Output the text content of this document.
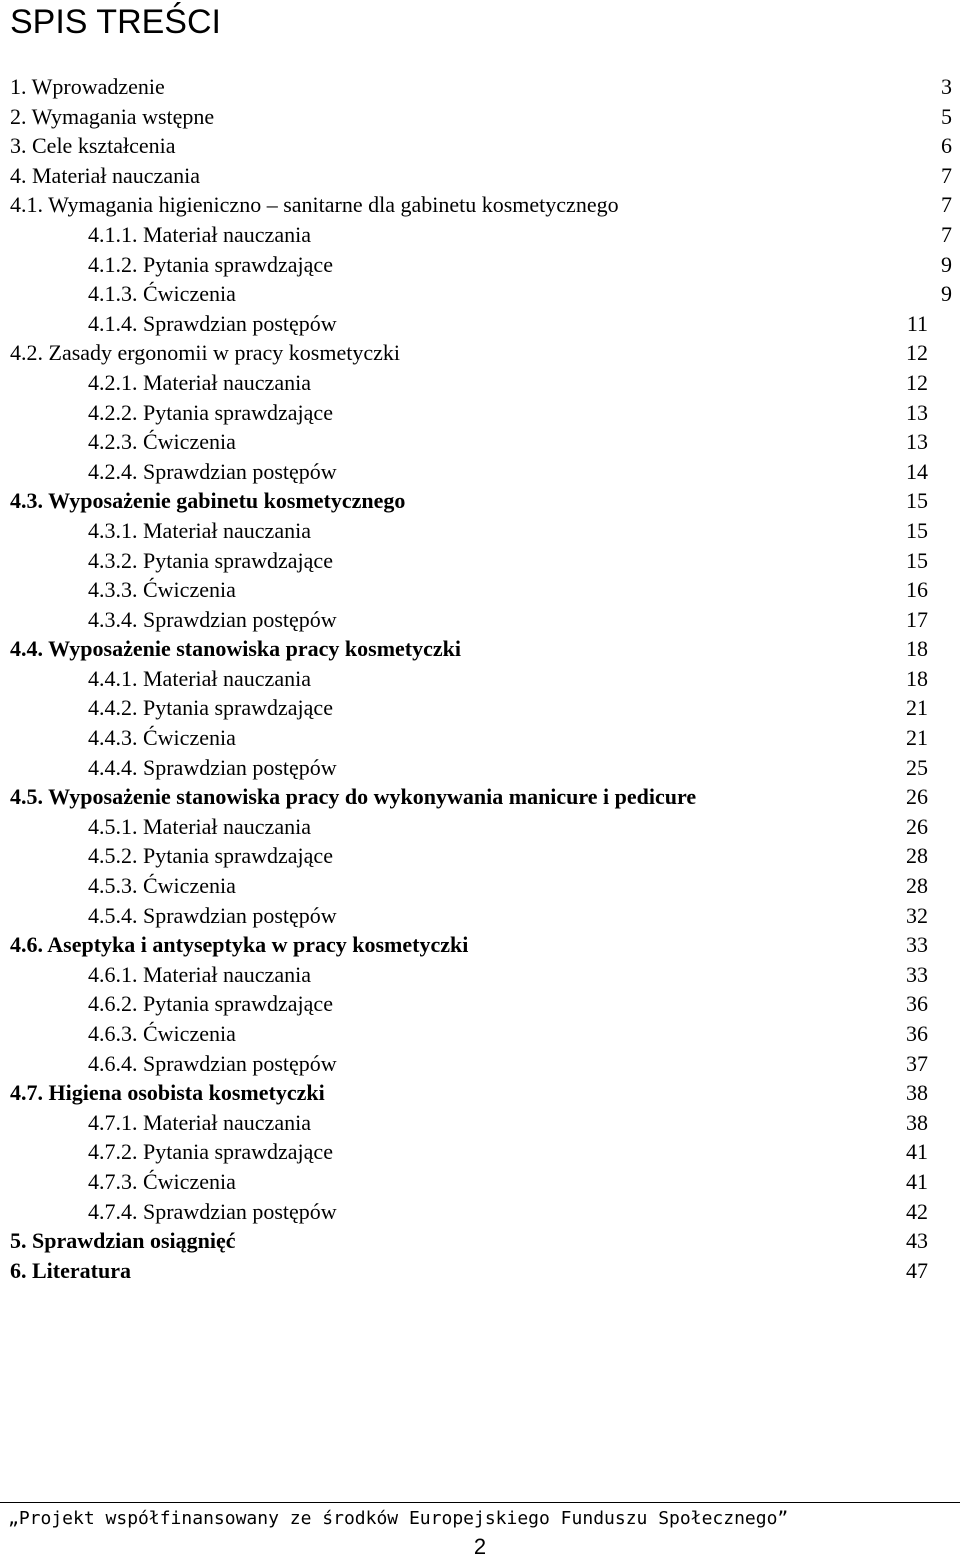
SPIS TREŚCI
1. Wprowadzenie	3
2. Wymagania wstępne	5
3. Cele kształcenia	6
4. Materiał nauczania	7
4.1. Wymagania higieniczno – sanitarne dla gabinetu kosmetycznego	7
4.1.1. Materiał nauczania	7
4.1.2. Pytania sprawdzające	9
4.1.3. Ćwiczenia	9
4.1.4. Sprawdzian postępów	11
4.2. Zasady ergonomii w pracy kosmetyczki	12
4.2.1. Materiał nauczania	12
4.2.2. Pytania sprawdzające	13
4.2.3. Ćwiczenia	13
4.2.4. Sprawdzian postępów	14
4.3. Wyposażenie gabinetu kosmetycznego	15
4.3.1. Materiał nauczania	15
4.3.2. Pytania sprawdzające	15
4.3.3. Ćwiczenia	16
4.3.4. Sprawdzian postępów	17
4.4. Wyposażenie stanowiska pracy kosmetyczki	18
4.4.1. Materiał nauczania	18
4.4.2. Pytania sprawdzające	21
4.4.3. Ćwiczenia	21
4.4.4. Sprawdzian postępów	25
4.5. Wyposażenie stanowiska pracy do wykonywania manicure i pedicure	26
4.5.1. Materiał nauczania	26
4.5.2. Pytania sprawdzające	28
4.5.3. Ćwiczenia	28
4.5.4. Sprawdzian postępów	32
4.6. Aseptyka i antyseptyka w pracy kosmetyczki	33
4.6.1. Materiał nauczania	33
4.6.2. Pytania sprawdzające	36
4.6.3. Ćwiczenia	36
4.6.4. Sprawdzian postępów	37
4.7. Higiena osobista kosmetyczki	38
4.7.1. Materiał nauczania	38
4.7.2. Pytania sprawdzające	41
4.7.3. Ćwiczenia	41
4.7.4. Sprawdzian postępów	42
5. Sprawdzian osiągnięć	43
6. Literatura	47
„Projekt współfinansowany ze środków Europejskiego Funduszu Społecznego”
2
